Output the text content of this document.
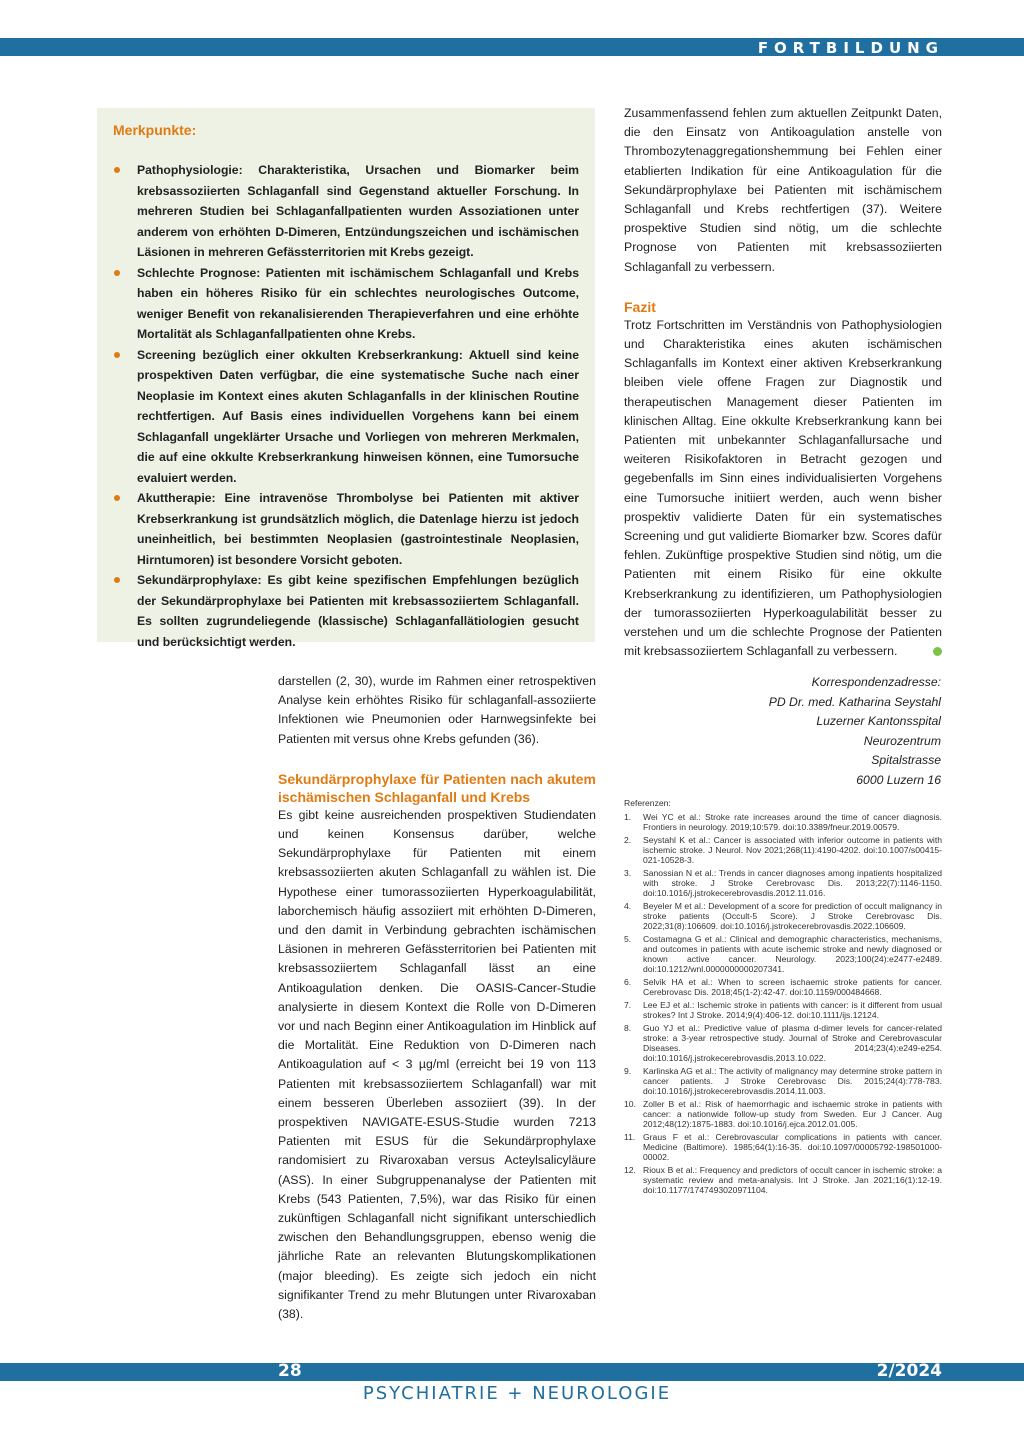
FORTBILDUNG
Merkpunkte:
Pathophysiologie: Charakteristika, Ursachen und Biomarker beim krebsassoziierten Schlaganfall sind Gegenstand aktueller Forschung. In mehreren Studien bei Schlaganfallpatienten wurden Assoziationen unter anderem von erhöhten D-Dimeren, Entzündungszeichen und ischämischen Läsionen in mehreren Gefässterritorien mit Krebs gezeigt.
Schlechte Prognose: Patienten mit ischämischem Schlaganfall und Krebs haben ein höheres Risiko für ein schlechtes neurologisches Outcome, weniger Benefit von rekanalisierenden Therapieverfahren und eine erhöhte Mortalität als Schlaganfallpatienten ohne Krebs.
Screening bezüglich einer okkulten Krebserkrankung: Aktuell sind keine prospektiven Daten verfügbar, die eine systematische Suche nach einer Neoplasie im Kontext eines akuten Schlaganfalls in der klinischen Routine rechtfertigen. Auf Basis eines individuellen Vorgehens kann bei einem Schlaganfall ungeklärter Ursache und Vorliegen von mehreren Merkmalen, die auf eine okkulte Krebserkrankung hinweisen können, eine Tumorsuche evaluiert werden.
Akuttherapie: Eine intravenöse Thrombolyse bei Patienten mit aktiver Krebserkrankung ist grundsätzlich möglich, die Datenlage hierzu ist jedoch uneinheitlich, bei bestimmten Neoplasien (gastrointestinale Neoplasien, Hirntumoren) ist besondere Vorsicht geboten.
Sekundärprophylaxe: Es gibt keine spezifischen Empfehlungen bezüglich der Sekundärprophylaxe bei Patienten mit krebsassoziiertem Schlaganfall. Es sollten zugrundeliegende (klassische) Schlaganfallätiologien gesucht und berücksichtigt werden.

darstellen (2, 30), wurde im Rahmen einer retrospektiven Analyse kein erhöhtes Risiko für schlaganfall-assoziierte Infektionen wie Pneumonien oder Harnwegsinfekte bei Patienten mit versus ohne Krebs gefunden (36).

Sekundärprophylaxe für Patienten nach akutem ischämischen Schlaganfall und Krebs

Es gibt keine ausreichenden prospektiven Studiendaten und keinen Konsensus darüber, welche Sekundärprophylaxe für Patienten mit einem krebsassoziierten akuten Schlaganfall zu wählen ist. Die Hypothese einer tumorassoziierten Hyperkoagulabilität, laborchemisch häufig assoziiert mit erhöhten D-Dimeren, und den damit in Verbindung gebrachten ischämischen Läsionen in mehreren Gefässterritorien bei Patienten mit krebsassoziiertem Schlaganfall lässt an eine Antikoagulation denken. Die OASIS-Cancer-Studie analysierte in diesem Kontext die Rolle von D-Dimeren vor und nach Beginn einer Antikoagulation im Hinblick auf die Mortalität. Eine Reduktion von D-Dimeren nach Antikoagulation auf < 3 µg/ml (erreicht bei 19 von 113 Patienten mit krebsassoziiertem Schlaganfall) war mit einem besseren Überleben assoziiert (39). In der prospektiven NAVIGATE-ESUS-Studie wurden 7213 Patienten mit ESUS für die Sekundärprophylaxe randomisiert zu Rivaroxaban versus Acteylsalicyläure (ASS). In einer Subgruppenanalyse der Patienten mit Krebs (543 Patienten, 7,5%), war das Risiko für einen zukünftigen Schlaganfall nicht signifikant unterschiedlich zwischen den Behandlungsgruppen, ebenso wenig die jährliche Rate an relevanten Blutungskomplikationen (major bleeding). Es zeigte sich jedoch ein nicht signifikanter Trend zu mehr Blutungen unter Rivaroxaban (38).

Zusammenfassend fehlen zum aktuellen Zeitpunkt Daten, die den Einsatz von Antikoagulation anstelle von Thrombozytenaggregationshemmung bei Fehlen einer etablierten Indikation für eine Antikoagulation für die Sekundärprophylaxe bei Patienten mit ischämischem Schlaganfall und Krebs rechtfertigen (37). Weitere prospektive Studien sind nötig, um die schlechte Prognose von Patienten mit krebsassoziierten Schlaganfall zu verbessern.

Fazit

Trotz Fortschritten im Verständnis von Pathophysiologien und Charakteristika eines akuten ischämischen Schlaganfalls im Kontext einer aktiven Krebserkrankung bleiben viele offene Fragen zur Diagnostik und therapeutischen Management dieser Patienten im klinischen Alltag. Eine okkulte Krebserkrankung kann bei Patienten mit unbekannter Schlaganfallursache und weiteren Risikofaktoren in Betracht gezogen und gegebenfalls im Sinn eines individualisierten Vorgehens eine Tumorsuche initiiert werden, auch wenn bisher prospektiv validierte Daten für ein systematisches Screening und gut validierte Biomarker bzw. Scores dafür fehlen. Zukünftige prospektive Studien sind nötig, um die Patienten mit einem Risiko für eine okkulte Krebserkrankung zu identifizieren, um Pathophysiologien der tumorassoziierten Hyperkoagulabilität besser zu verstehen und um die schlechte Prognose der Patienten mit krebsassoziiertem Schlaganfall zu verbessern.

Korrespondenzadresse:
PD Dr. med. Katharina Seystahl
Luzerner Kantonsspital
Neurozentrum
Spitalstrasse
6000 Luzern 16
Referenzen:
1. Wei YC et al.: Stroke rate increases around the time of cancer diagnosis. Frontiers in neurology. 2019;10:579. doi:10.3389/fneur.2019.00579.
2. Seystahl K et al.: Cancer is associated with inferior outcome in patients with ischemic stroke. J Neurol. Nov 2021;268(11):4190-4202. doi:10.1007/s00415-021-10528-3.
3. Sanossian N et al.: Trends in cancer diagnoses among inpatients hospitalized with stroke. J Stroke Cerebrovasc Dis. 2013;22(7):1146-1150. doi:10.1016/j.jstrokecerebrovasdis.2012.11.016.
4. Beyeler M et al.: Development of a score for prediction of occult malignancy in stroke patients (Occult-5 Score). J Stroke Cerebrovasc Dis. 2022;31(8):106609. doi:10.1016/j.jstrokecerebrovasdis.2022.106609.
5. Costamagna G et al.: Clinical and demographic characteristics, mechanisms, and outcomes in patients with acute ischemic stroke and newly diagnosed or known active cancer. Neurology. 2023;100(24):e2477-e2489. doi:10.1212/wnl.0000000000207341.
6. Selvik HA et al.: When to screen ischaemic stroke patients for cancer. Cerebrovasc Dis. 2018;45(1-2):42-47. doi:10.1159/000484668.
7. Lee EJ et al.: Ischemic stroke in patients with cancer: is it different from usual strokes? Int J Stroke. 2014;9(4):406-12. doi:10.1111/ijs.12124.
8. Guo YJ et al.: Predictive value of plasma d-dimer levels for cancer-related stroke: a 3-year retrospective study. Journal of Stroke and Cerebrovascular Diseases. 2014;23(4):e249-e254. doi:10.1016/j.jstrokecerebrovasdis.2013.10.022.
9. Karlinska AG et al.: The activity of malignancy may determine stroke pattern in cancer patients. J Stroke Cerebrovasc Dis. 2015;24(4):778-783. doi:10.1016/j.jstrokecerebrovasdis.2014.11.003.
10. Zoller B et al.: Risk of haemorrhagic and ischaemic stroke in patients with cancer: a nationwide follow-up study from Sweden. Eur J Cancer. Aug 2012;48(12):1875-1883. doi:10.1016/j.ejca.2012.01.005.
11. Graus F et al.: Cerebrovascular complications in patients with cancer. Medicine (Baltimore). 1985;64(1):16-35. doi:10.1097/00005792-198501000-00002.
12. Rioux B et al.: Frequency and predictors of occult cancer in ischemic stroke: a systematic review and meta-analysis. Int J Stroke. Jan 2021;16(1):12-19. doi:10.1177/1747493020971104.
28	2/2024
PSYCHIATRIE + NEUROLOGIE
